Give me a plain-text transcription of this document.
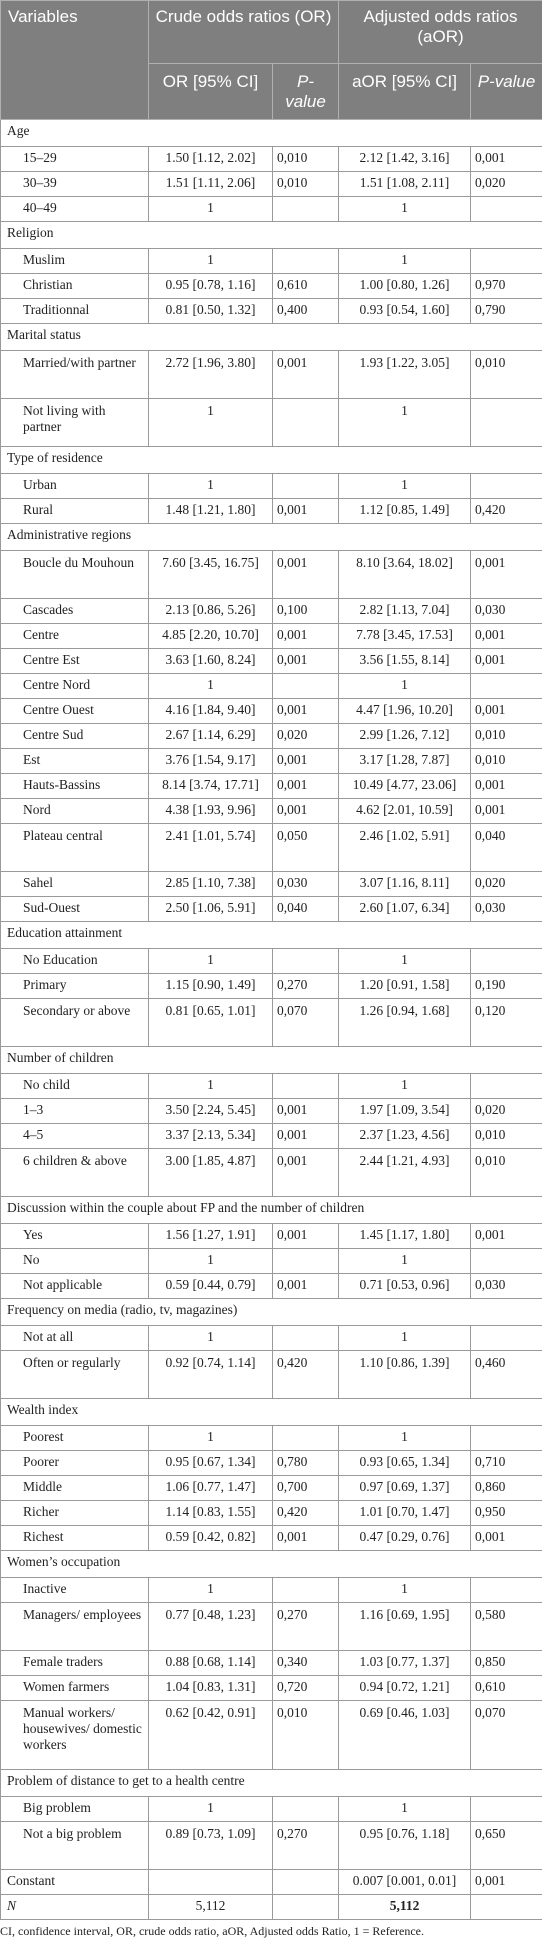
Variables	Crude odds ratios (OR)		Adjusted odds ratios (aOR)	
	OR [95% CI]	P-value	aOR [95% CI]	P-value
Age				
15–29	1.50 [1.12, 2.02]	0,010	2.12 [1.42, 3.16]	0,001
30–39	1.51 [1.11, 2.06]	0,010	1.51 [1.08, 2.11]	0,020
40–49	1		1	
Religion				
Muslim	1		1	
Christian	0.95 [0.78, 1.16]	0,610	1.00 [0.80, 1.26]	0,970
Traditionnal	0.81 [0.50, 1.32]	0,400	0.93 [0.54, 1.60]	0,790
Marital status				
Married/with partner	2.72 [1.96, 3.80]	0,001	1.93 [1.22, 3.05]	0,010
Not living with partner	1		1	
Type of residence				
Urban	1		1	
Rural	1.48 [1.21, 1.80]	0,001	1.12 [0.85, 1.49]	0,420
Administrative regions				
Boucle du Mouhoun	7.60 [3.45, 16.75]	0,001	8.10 [3.64, 18.02]	0,001
Cascades	2.13 [0.86, 5.26]	0,100	2.82 [1.13, 7.04]	0,030
Centre	4.85 [2.20, 10.70]	0,001	7.78 [3.45, 17.53]	0,001
Centre Est	3.63 [1.60, 8.24]	0,001	3.56 [1.55, 8.14]	0,001
Centre Nord	1		1	
Centre Ouest	4.16 [1.84, 9.40]	0,001	4.47 [1.96, 10.20]	0,001
Centre Sud	2.67 [1.14, 6.29]	0,020	2.99 [1.26, 7.12]	0,010
Est	3.76 [1.54, 9.17]	0,001	3.17 [1.28, 7.87]	0,010
Hauts-Bassins	8.14 [3.74, 17.71]	0,001	10.49 [4.77, 23.06]	0,001
Nord	4.38 [1.93, 9.96]	0,001	4.62 [2.01, 10.59]	0,001
Plateau central	2.41 [1.01, 5.74]	0,050	2.46 [1.02, 5.91]	0,040
Sahel	2.85 [1.10, 7.38]	0,030	3.07 [1.16, 8.11]	0,020
Sud-Ouest	2.50 [1.06, 5.91]	0,040	2.60 [1.07, 6.34]	0,030
Education attainment				
No Education	1		1	
Primary	1.15 [0.90, 1.49]	0,270	1.20 [0.91, 1.58]	0,190
Secondary or above	0.81 [0.65, 1.01]	0,070	1.26 [0.94, 1.68]	0,120
Number of children				
No child	1		1	
1–3	3.50 [2.24, 5.45]	0,001	1.97 [1.09, 3.54]	0,020
4–5	3.37 [2.13, 5.34]	0,001	2.37 [1.23, 4.56]	0,010
6 children & above	3.00 [1.85, 4.87]	0,001	2.44 [1.21, 4.93]	0,010
Discussion within the couple about FP and the number of children				
Yes	1.56 [1.27, 1.91]	0,001	1.45 [1.17, 1.80]	0,001
No	1		1	
Not applicable	0.59 [0.44, 0.79]	0,001	0.71 [0.53, 0.96]	0,030
Frequency on media (radio, tv, magazines)				
Not at all	1		1	
Often or regularly	0.92 [0.74, 1.14]	0,420	1.10 [0.86, 1.39]	0,460
Wealth index				
Poorest	1		1	
Poorer	0.95 [0.67, 1.34]	0,780	0.93 [0.65, 1.34]	0,710
Middle	1.06 [0.77, 1.47]	0,700	0.97 [0.69, 1.37]	0,860
Richer	1.14 [0.83, 1.55]	0,420	1.01 [0.70, 1.47]	0,950
Richest	0.59 [0.42, 0.82]	0,001	0.47 [0.29, 0.76]	0,001
Women’s occupation				
Inactive	1		1	
Managers/ employees	0.77 [0.48, 1.23]	0,270	1.16 [0.69, 1.95]	0,580
Female traders	0.88 [0.68, 1.14]	0,340	1.03 [0.77, 1.37]	0,850
Women farmers	1.04 [0.83, 1.31]	0,720	0.94 [0.72, 1.21]	0,610
Manual workers/ housewives/ domestic workers	0.62 [0.42, 0.91]	0,010	0.69 [0.46, 1.03]	0,070
Problem of distance to get to a health centre				
Big problem	1		1	
Not a big problem	0.89 [0.73, 1.09]	0,270	0.95 [0.76, 1.18]	0,650
Constant			0.007 [0.001, 0.01]	0,001
N	5,112		5,112	
CI, confidence interval, OR, crude odds ratio, aOR, Adjusted odds Ratio, 1 = Reference.
